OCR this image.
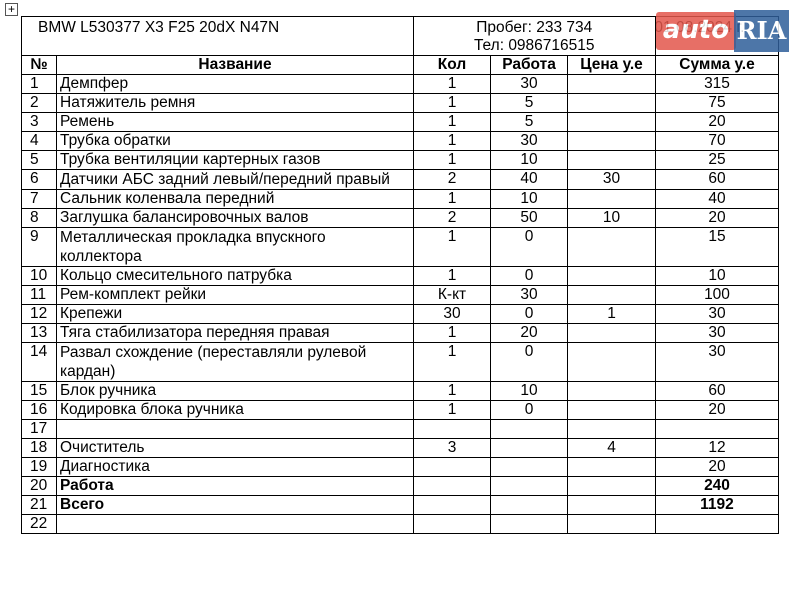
+
BMW L530377 X3 F25 20dX N47N		Пробег: 233 734
Тел: 0986716515

№	Название	Кол	Работа	Цена у.е	Сумма у.е
1	Демпфер	1	30		315
2	Натяжитель ремня	1	5		75
3	Ремень	1	5		20
4	Трубка обратки	1	30		70
5	Трубка вентиляции картерных газов	1	10		25
6	Датчики АБС задний левый/передний правый	2	40	30	60
7	Сальник коленвала передний	1	10		40
8	Заглушка балансировочных валов	2	50	10	20
9	Металлическая прокладка впускного коллектора	1	0		15
10	Кольцо смесительного патрубка	1	0		10
11	Рем-комплект рейки	К-кт	30		100
12	Крепежи	30	0	1	30
13	Тяга стабилизатора передняя правая	1	20		30
14	Развал схождение (переставляли рулевой кардан)	1	0		30
15	Блок ручника	1	10		60
16	Кодировка блока ручника	1	0		20
17					
18	Очиститель	3		4	12
19	Диагностика				20
20	Работа				240
21	Всего				1192
22					
auto RIA
